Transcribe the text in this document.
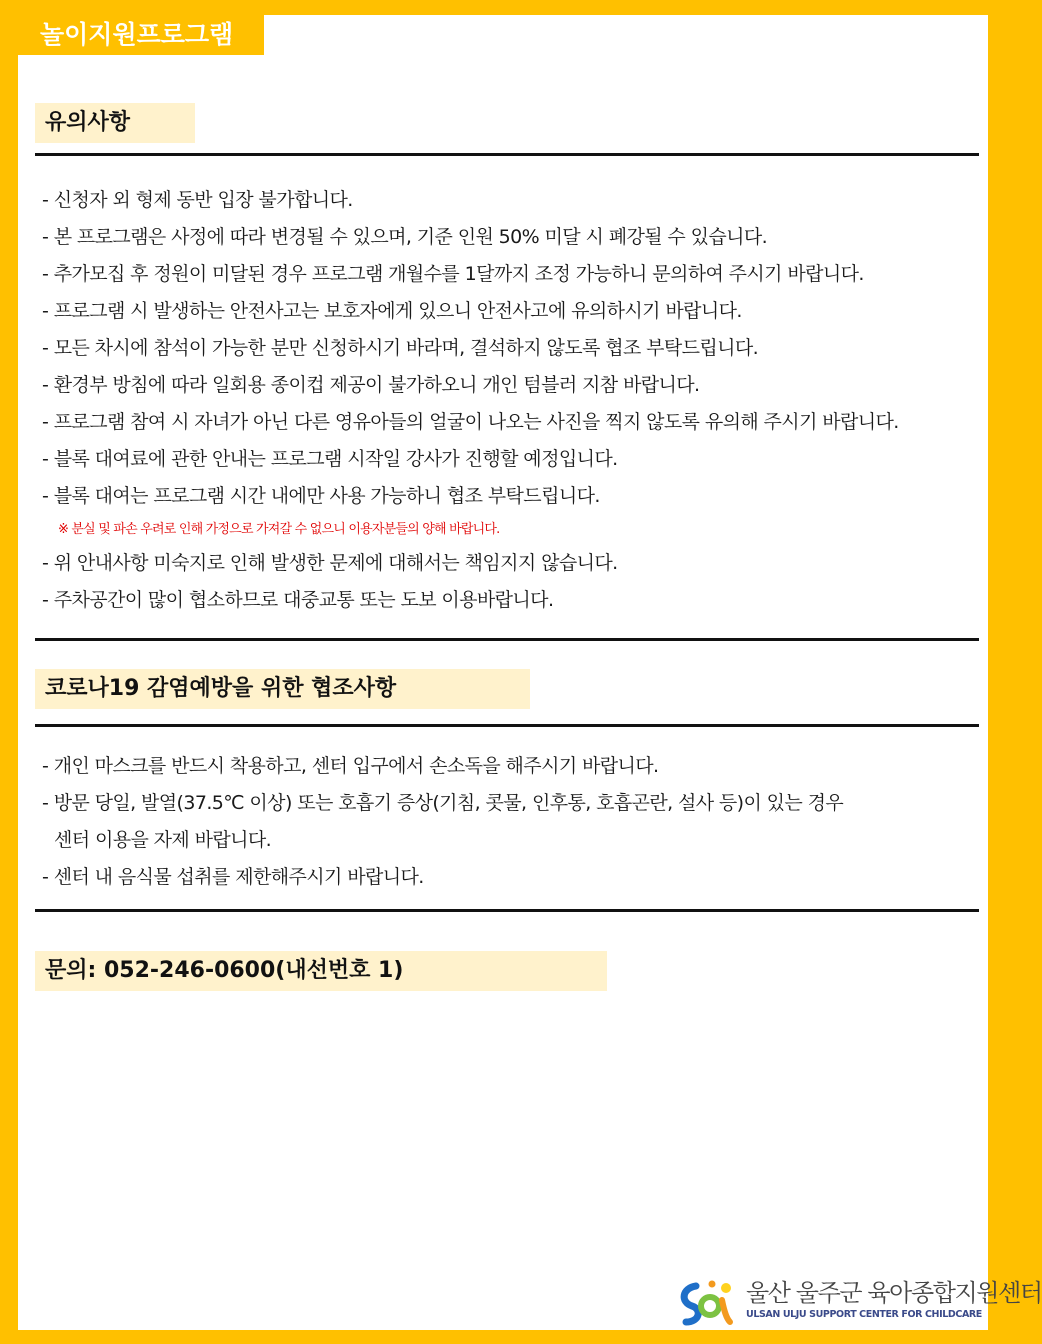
놀이지원프로그램
유의사항
- 신청자 외 형제 동반 입장 불가합니다.
- 본 프로그램은 사정에 따라 변경될 수 있으며, 기준 인원 50% 미달 시 폐강될 수 있습니다.
- 추가모집 후 정원이 미달된 경우 프로그램 개월수를 1달까지 조정 가능하니 문의하여 주시기 바랍니다.
- 프로그램 시 발생하는 안전사고는 보호자에게 있으니 안전사고에 유의하시기 바랍니다.
- 모든 차시에 참석이 가능한 분만 신청하시기 바라며, 결석하지 않도록 협조 부탁드립니다.
- 환경부 방침에 따라 일회용 종이컵 제공이 불가하오니 개인 텀블러 지참 바랍니다.
- 프로그램 참여 시 자녀가 아닌 다른 영유아들의 얼굴이 나오는 사진을 찍지 않도록 유의해 주시기 바랍니다.
- 블록 대여료에 관한 안내는 프로그램 시작일 강사가 진행할 예정입니다.
- 블록 대여는 프로그램 시간 내에만 사용 가능하니 협조 부탁드립니다.
※ 분실 및 파손 우려로 인해 가정으로 가져갈 수 없으니 이용자분들의 양해 바랍니다.
- 위 안내사항 미숙지로 인해 발생한 문제에 대해서는 책임지지 않습니다.
- 주차공간이 많이 협소하므로 대중교통 또는 도보 이용바랍니다.
코로나19 감염예방을 위한 협조사항
- 개인 마스크를 반드시 착용하고, 센터 입구에서 손소독을 해주시기 바랍니다.
- 방문 당일, 발열(37.5℃ 이상) 또는 호흡기 증상(기침, 콧물, 인후통, 호흡곤란, 설사 등)이 있는 경우
센터 이용을 자제 바랍니다.
- 센터 내 음식물 섭취를 제한해주시기 바랍니다.
문의: 052-246-0600(내선번호 1)
울산 울주군 육아종합지원센터
ULSAN ULJU SUPPORT CENTER FOR CHILDCARE
